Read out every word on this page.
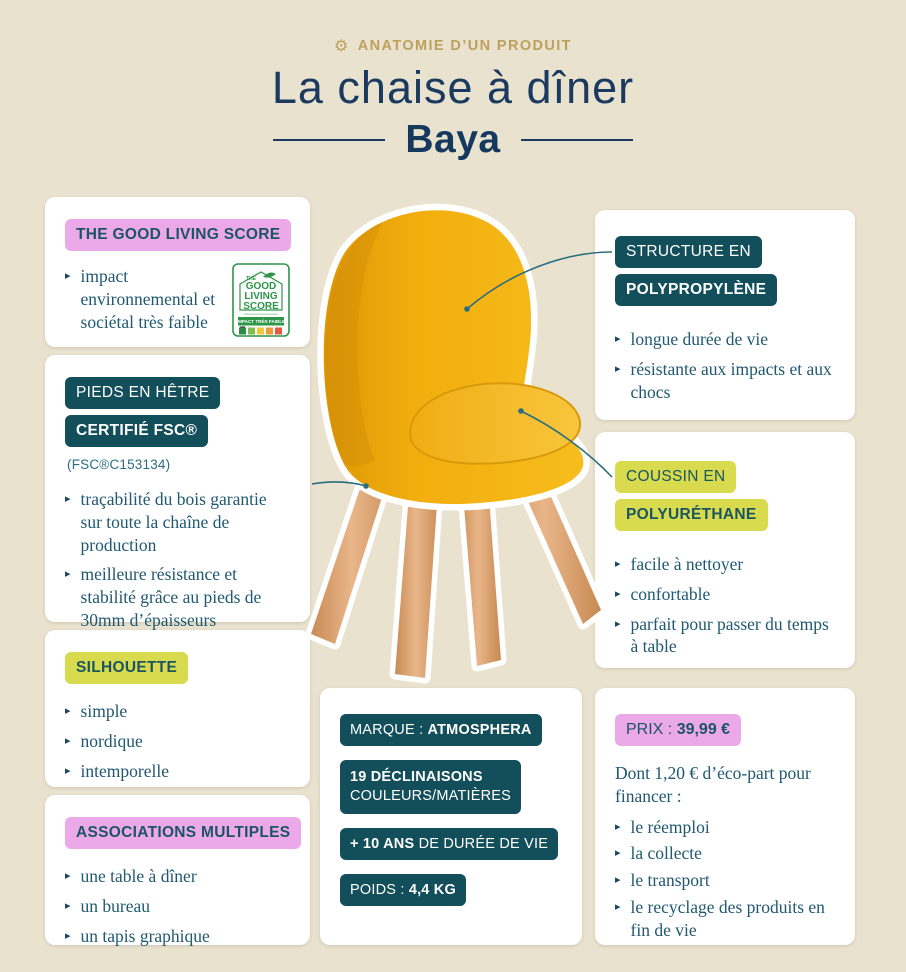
⚙ ANATOMIE D’UN PRODUIT
La chaise à dîner
Baya
THE GOOD LIVING SCORE
▸ impact environnemental et sociétal très faible
THE
GOOD
LIVING
SCORE
IMPACT TRÈS FAIBLE
PIEDS EN HÊTRE
CERTIFIÉ FSC®
(FSC®C153134)
▸ traçabilité du bois garantie sur toute la chaîne de production
▸ meilleure résistance et stabilité grâce au pieds de 30mm d’épaisseurs
SILHOUETTE
▸ simple
▸ nordique
▸ intemporelle
ASSOCIATIONS MULTIPLES
▸ une table à dîner
▸ un bureau
▸ un tapis graphique
STRUCTURE EN
POLYPROPYLÈNE
▸ longue durée de vie
▸ résistante aux impacts et aux chocs
COUSSIN EN
POLYURÉTHANE
▸ facile à nettoyer
▸ confortable
▸ parfait pour passer du temps à table
MARQUE : ATMOSPHERA
19 DÉCLINAISONS
COULEURS/MATIÈRES
+ 10 ANS DE DURÉE DE VIE
POIDS : 4,4 KG
PRIX : 39,99 €
Dont 1,20 € d’éco-part pour financer :
▸ le réemploi
▸ la collecte
▸ le transport
▸ le recyclage des produits en fin de vie
